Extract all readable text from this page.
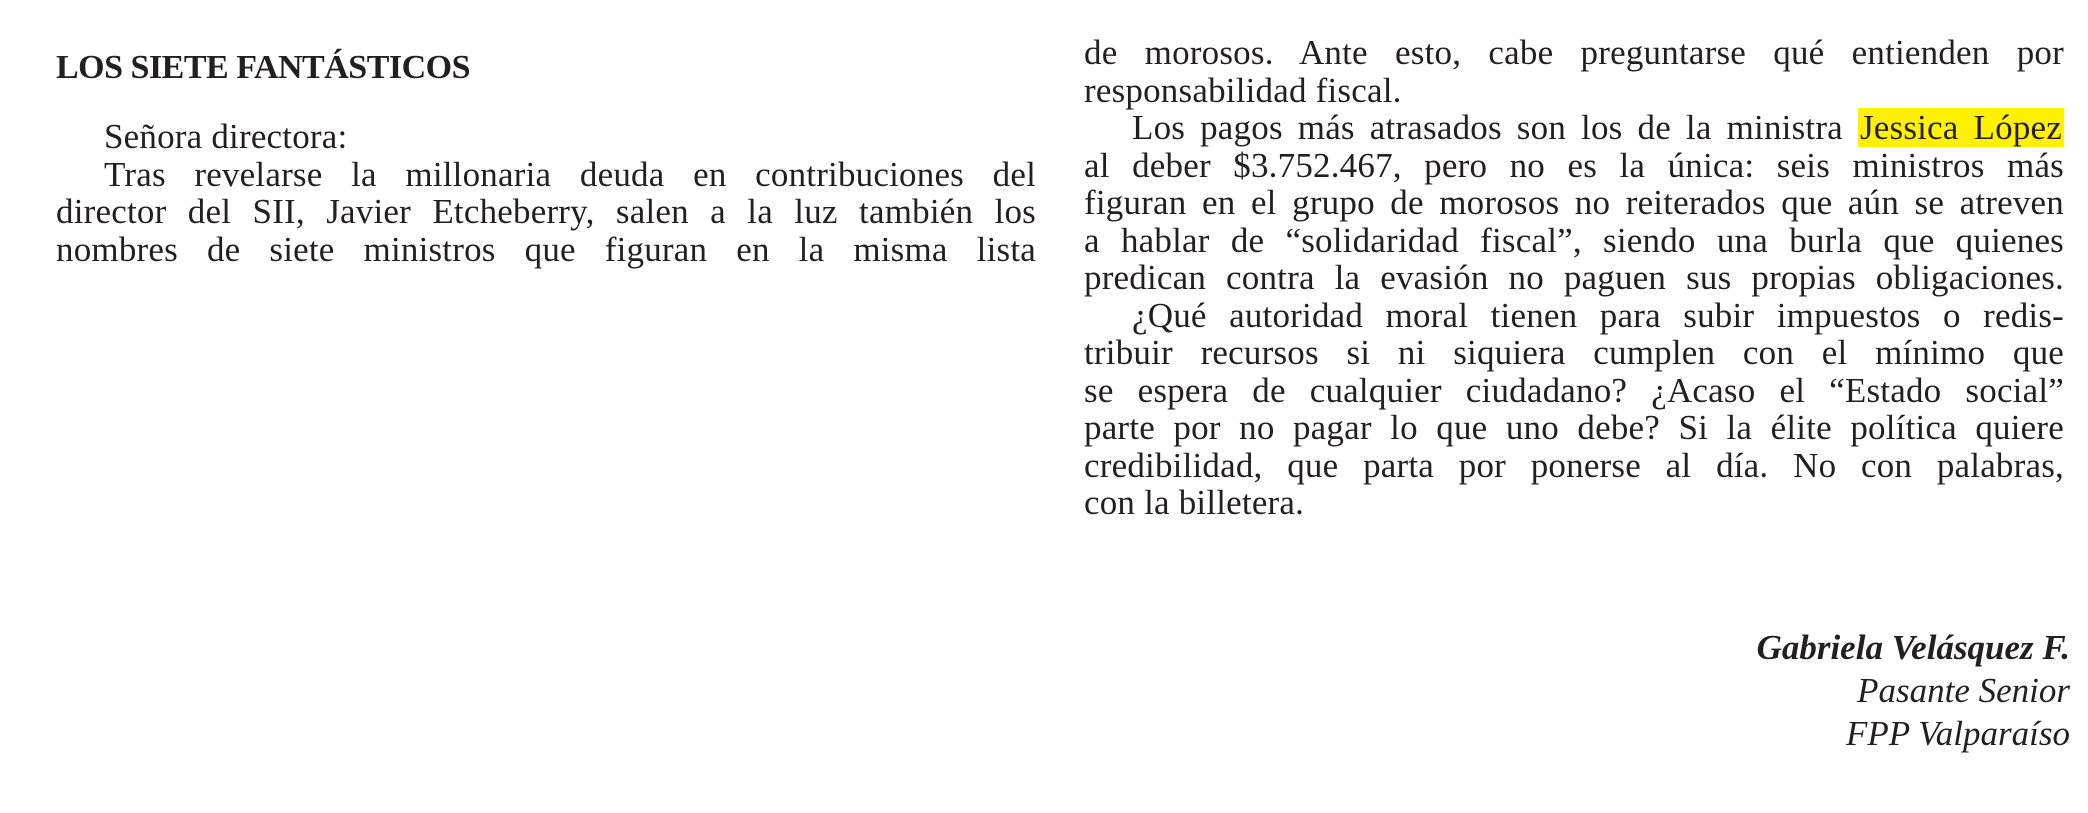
LOS SIETE FANTÁSTICOS
Señora directora:
Tras revelarse la millonaria deuda en contribuciones del
director del SII, Javier Etcheberry, salen a la luz también los
nombres de siete ministros que figuran en la misma lista
de morosos. Ante esto, cabe preguntarse qué entienden por
responsabilidad fiscal.
Los pagos más atrasados son los de la ministra Jessica López
al deber $3.752.467, pero no es la única: seis ministros más
figuran en el grupo de morosos no reiterados que aún se atreven
a hablar de “solidaridad fiscal”, siendo una burla que quienes
predican contra la evasión no paguen sus propias obligaciones.
¿Qué autoridad moral tienen para subir impuestos o redis-
tribuir recursos si ni siquiera cumplen con el mínimo que
se espera de cualquier ciudadano? ¿Acaso el “Estado social”
parte por no pagar lo que uno debe? Si la élite política quiere
credibilidad, que parta por ponerse al día. No con palabras,
con la billetera.
Gabriela Velásquez F.
Pasante Senior
FPP Valparaíso
